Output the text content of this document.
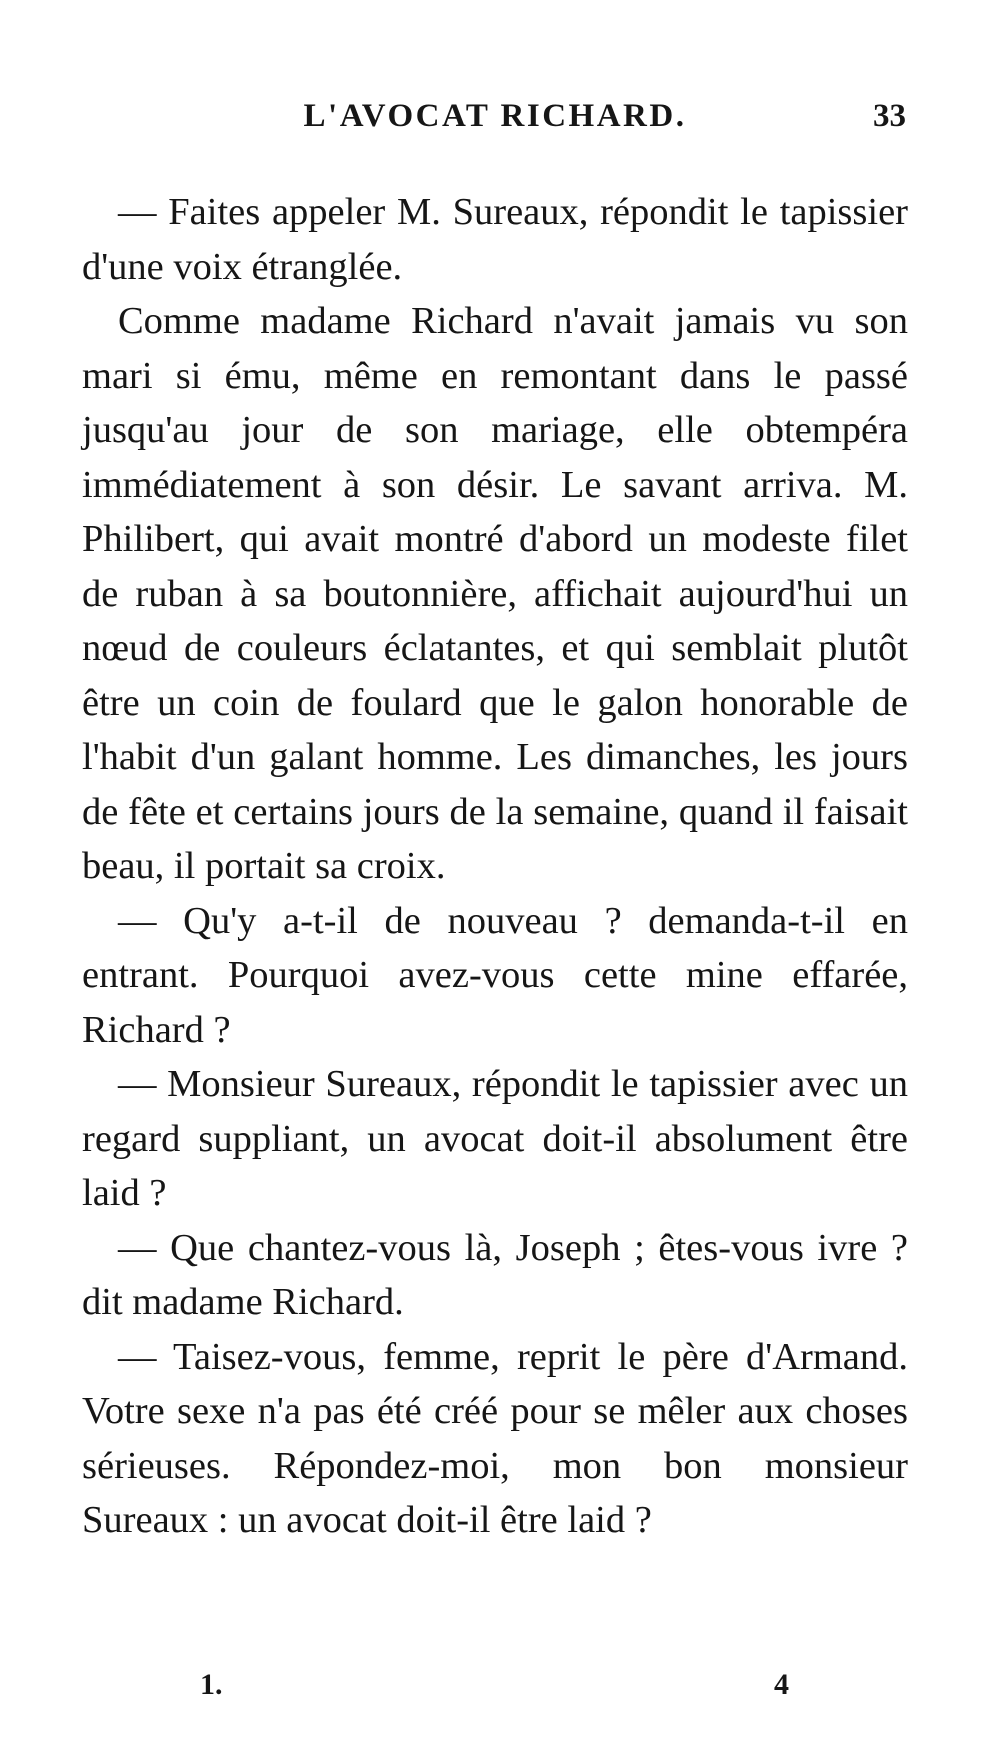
L'AVOCAT RICHARD.	33

— Faites appeler M. Sureaux, répondit le tapissier d'une voix étranglée.

Comme madame Richard n'avait jamais vu son mari si ému, même en remontant dans le passé jusqu'au jour de son mariage, elle obtempéra immédiatement à son désir. Le savant arriva. M. Philibert, qui avait montré d'abord un modeste filet de ruban à sa boutonnière, affichait aujourd'hui un nœud de couleurs éclatantes, et qui semblait plutôt être un coin de foulard que le galon honorable de l'habit d'un galant homme. Les dimanches, les jours de fête et certains jours de la semaine, quand il faisait beau, il portait sa croix.

— Qu'y a-t-il de nouveau ? demanda-t-il en entrant. Pourquoi avez-vous cette mine effarée, Richard ?

— Monsieur Sureaux, répondit le tapissier avec un regard suppliant, un avocat doit-il absolument être laid ?

— Que chantez-vous là, Joseph ; êtes-vous ivre ? dit madame Richard.

— Taisez-vous, femme, reprit le père d'Armand. Votre sexe n'a pas été créé pour se mêler aux choses sérieuses. Répondez-moi, mon bon monsieur Sureaux : un avocat doit-il être laid ?

1.	4
